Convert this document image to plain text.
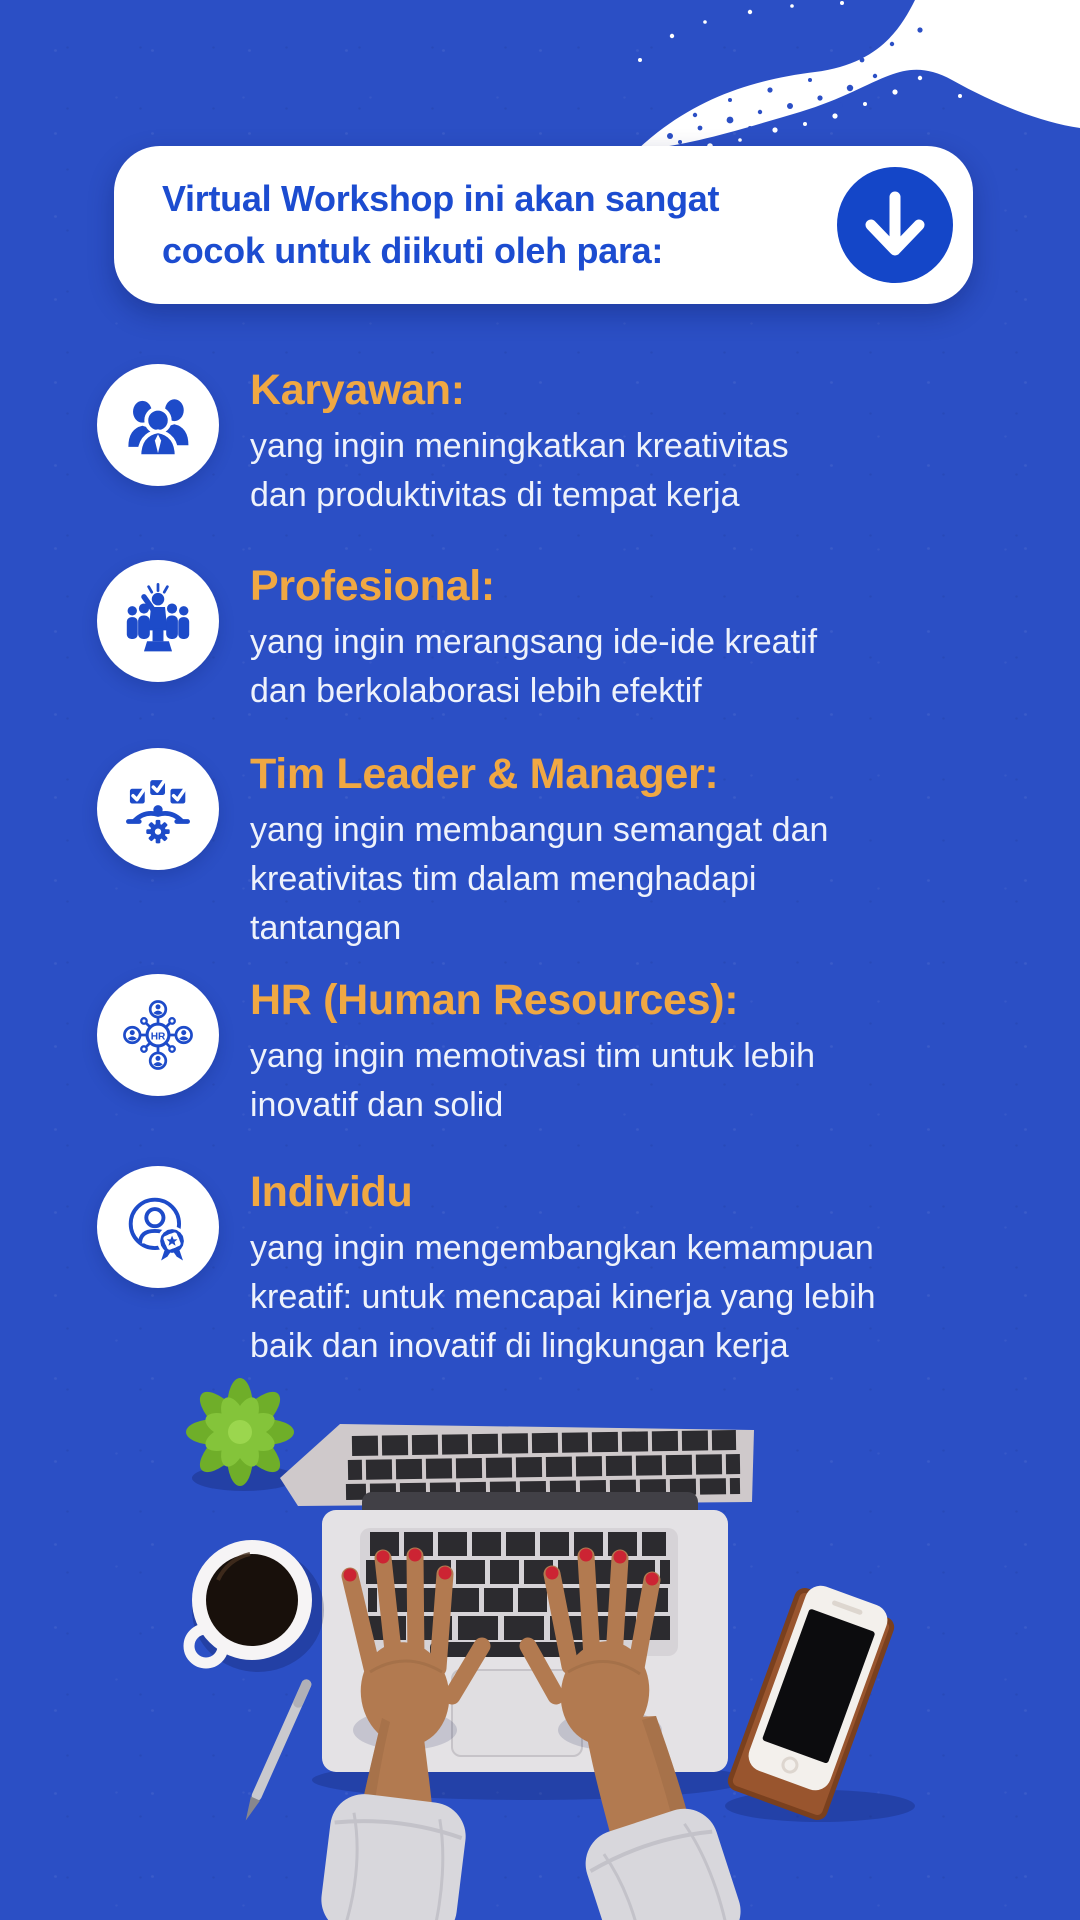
Virtual Workshop ini akan sangat
cocok untuk diikuti oleh para:
Karyawan:
yang ingin meningkatkan kreativitas
dan produktivitas di tempat kerja
Profesional:
yang ingin merangsang ide-ide kreatif
dan berkolaborasi lebih efektif
Tim Leader & Manager:
yang ingin membangun semangat dan
kreativitas tim dalam menghadapi
tantangan
HR
HR (Human Resources):
yang ingin memotivasi tim untuk lebih
inovatif dan solid
Individu
yang ingin mengembangkan kemampuan
kreatif: untuk mencapai kinerja yang lebih
baik dan inovatif di lingkungan kerja
